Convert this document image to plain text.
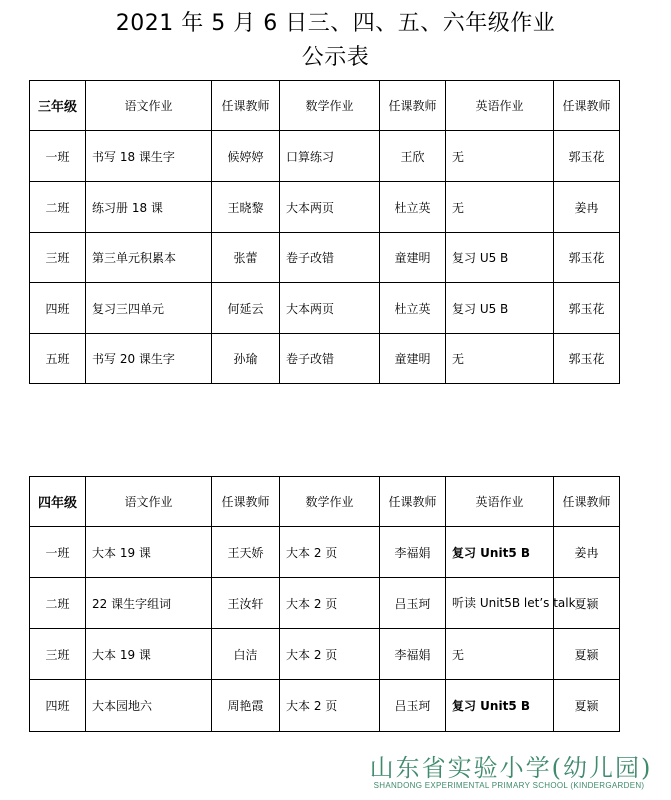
2021 年 5 月 6 日三、四、五、六年级作业
公示表
三年级	语文作业	任课教师	数学作业	任课教师	英语作业	任课教师
一班	书写 18 课生字	候婷婷	口算练习	王欣	无	郭玉花
二班	练习册 18 课	王晓黎	大本两页	杜立英	无	姜冉
三班	第三单元积累本	张蕾	卷子改错	童建明	复习 U5 B	郭玉花
四班	复习三四单元	何延云	大本两页	杜立英	复习 U5 B	郭玉花
五班	书写 20 课生字	孙瑜	卷子改错	童建明	无	郭玉花
四年级	语文作业	任课教师	数学作业	任课教师	英语作业	任课教师
一班	大本 19 课	王天娇	大本 2 页	李福娟	复习 Unit5 B	姜冉
二班	22 课生字组词	王汝轩	大本 2 页	吕玉珂	听读 Unit5B let’s talk	夏颍
三班	大本 19 课	白洁	大本 2 页	李福娟	无	夏颍
四班	大本园地六	周艳霞	大本 2 页	吕玉珂	复习 Unit5 B	夏颍
山东省实验小学(幼儿园)
SHANDONG EXPERIMENTAL PRIMARY SCHOOL (KINDERGARDEN)
